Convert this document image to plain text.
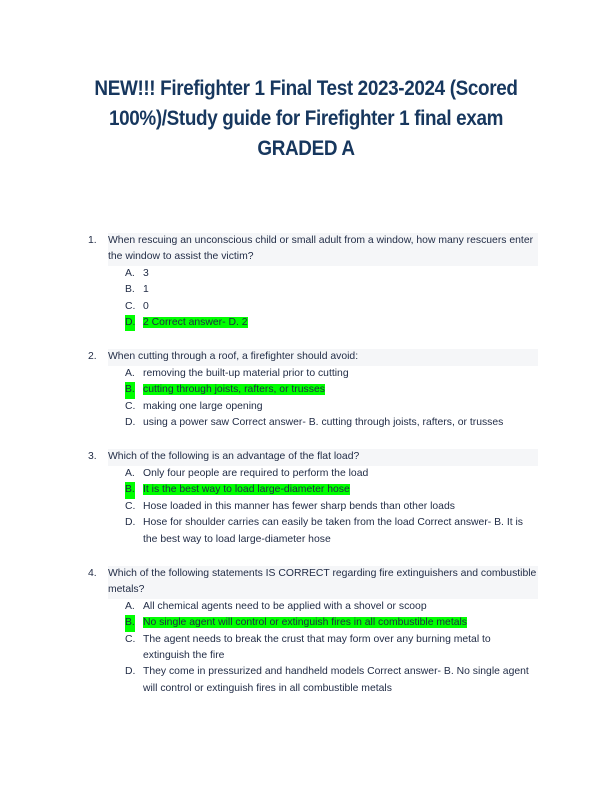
NEW!!! Firefighter 1 Final Test 2023-2024 (Scored 100%)/Study guide for Firefighter 1 final exam GRADED A
1.	When rescuing an unconscious child or small adult from a window, how many rescuers enter the window to assist the victim?
A. 3
B. 1
C. 0
D. 2 Correct answer- D. 2
2.	When cutting through a roof, a firefighter should avoid:
A. removing the built-up material prior to cutting
B. cutting through joists, rafters, or trusses
C. making one large opening
D. using a power saw Correct answer- B. cutting through joists, rafters, or trusses
3.	Which of the following is an advantage of the flat load?
A. Only four people are required to perform the load
B. It is the best way to load large-diameter hose
C. Hose loaded in this manner has fewer sharp bends than other loads
D. Hose for shoulder carries can easily be taken from the load Correct answer- B. It is the best way to load large-diameter hose
4.	Which of the following statements IS CORRECT regarding fire extinguishers and combustible metals?
A. All chemical agents need to be applied with a shovel or scoop
B. No single agent will control or extinguish fires in all combustible metals
C. The agent needs to break the crust that may form over any burning metal to extinguish the fire
D. They come in pressurized and handheld models Correct answer- B. No single agent will control or extinguish fires in all combustible metals
